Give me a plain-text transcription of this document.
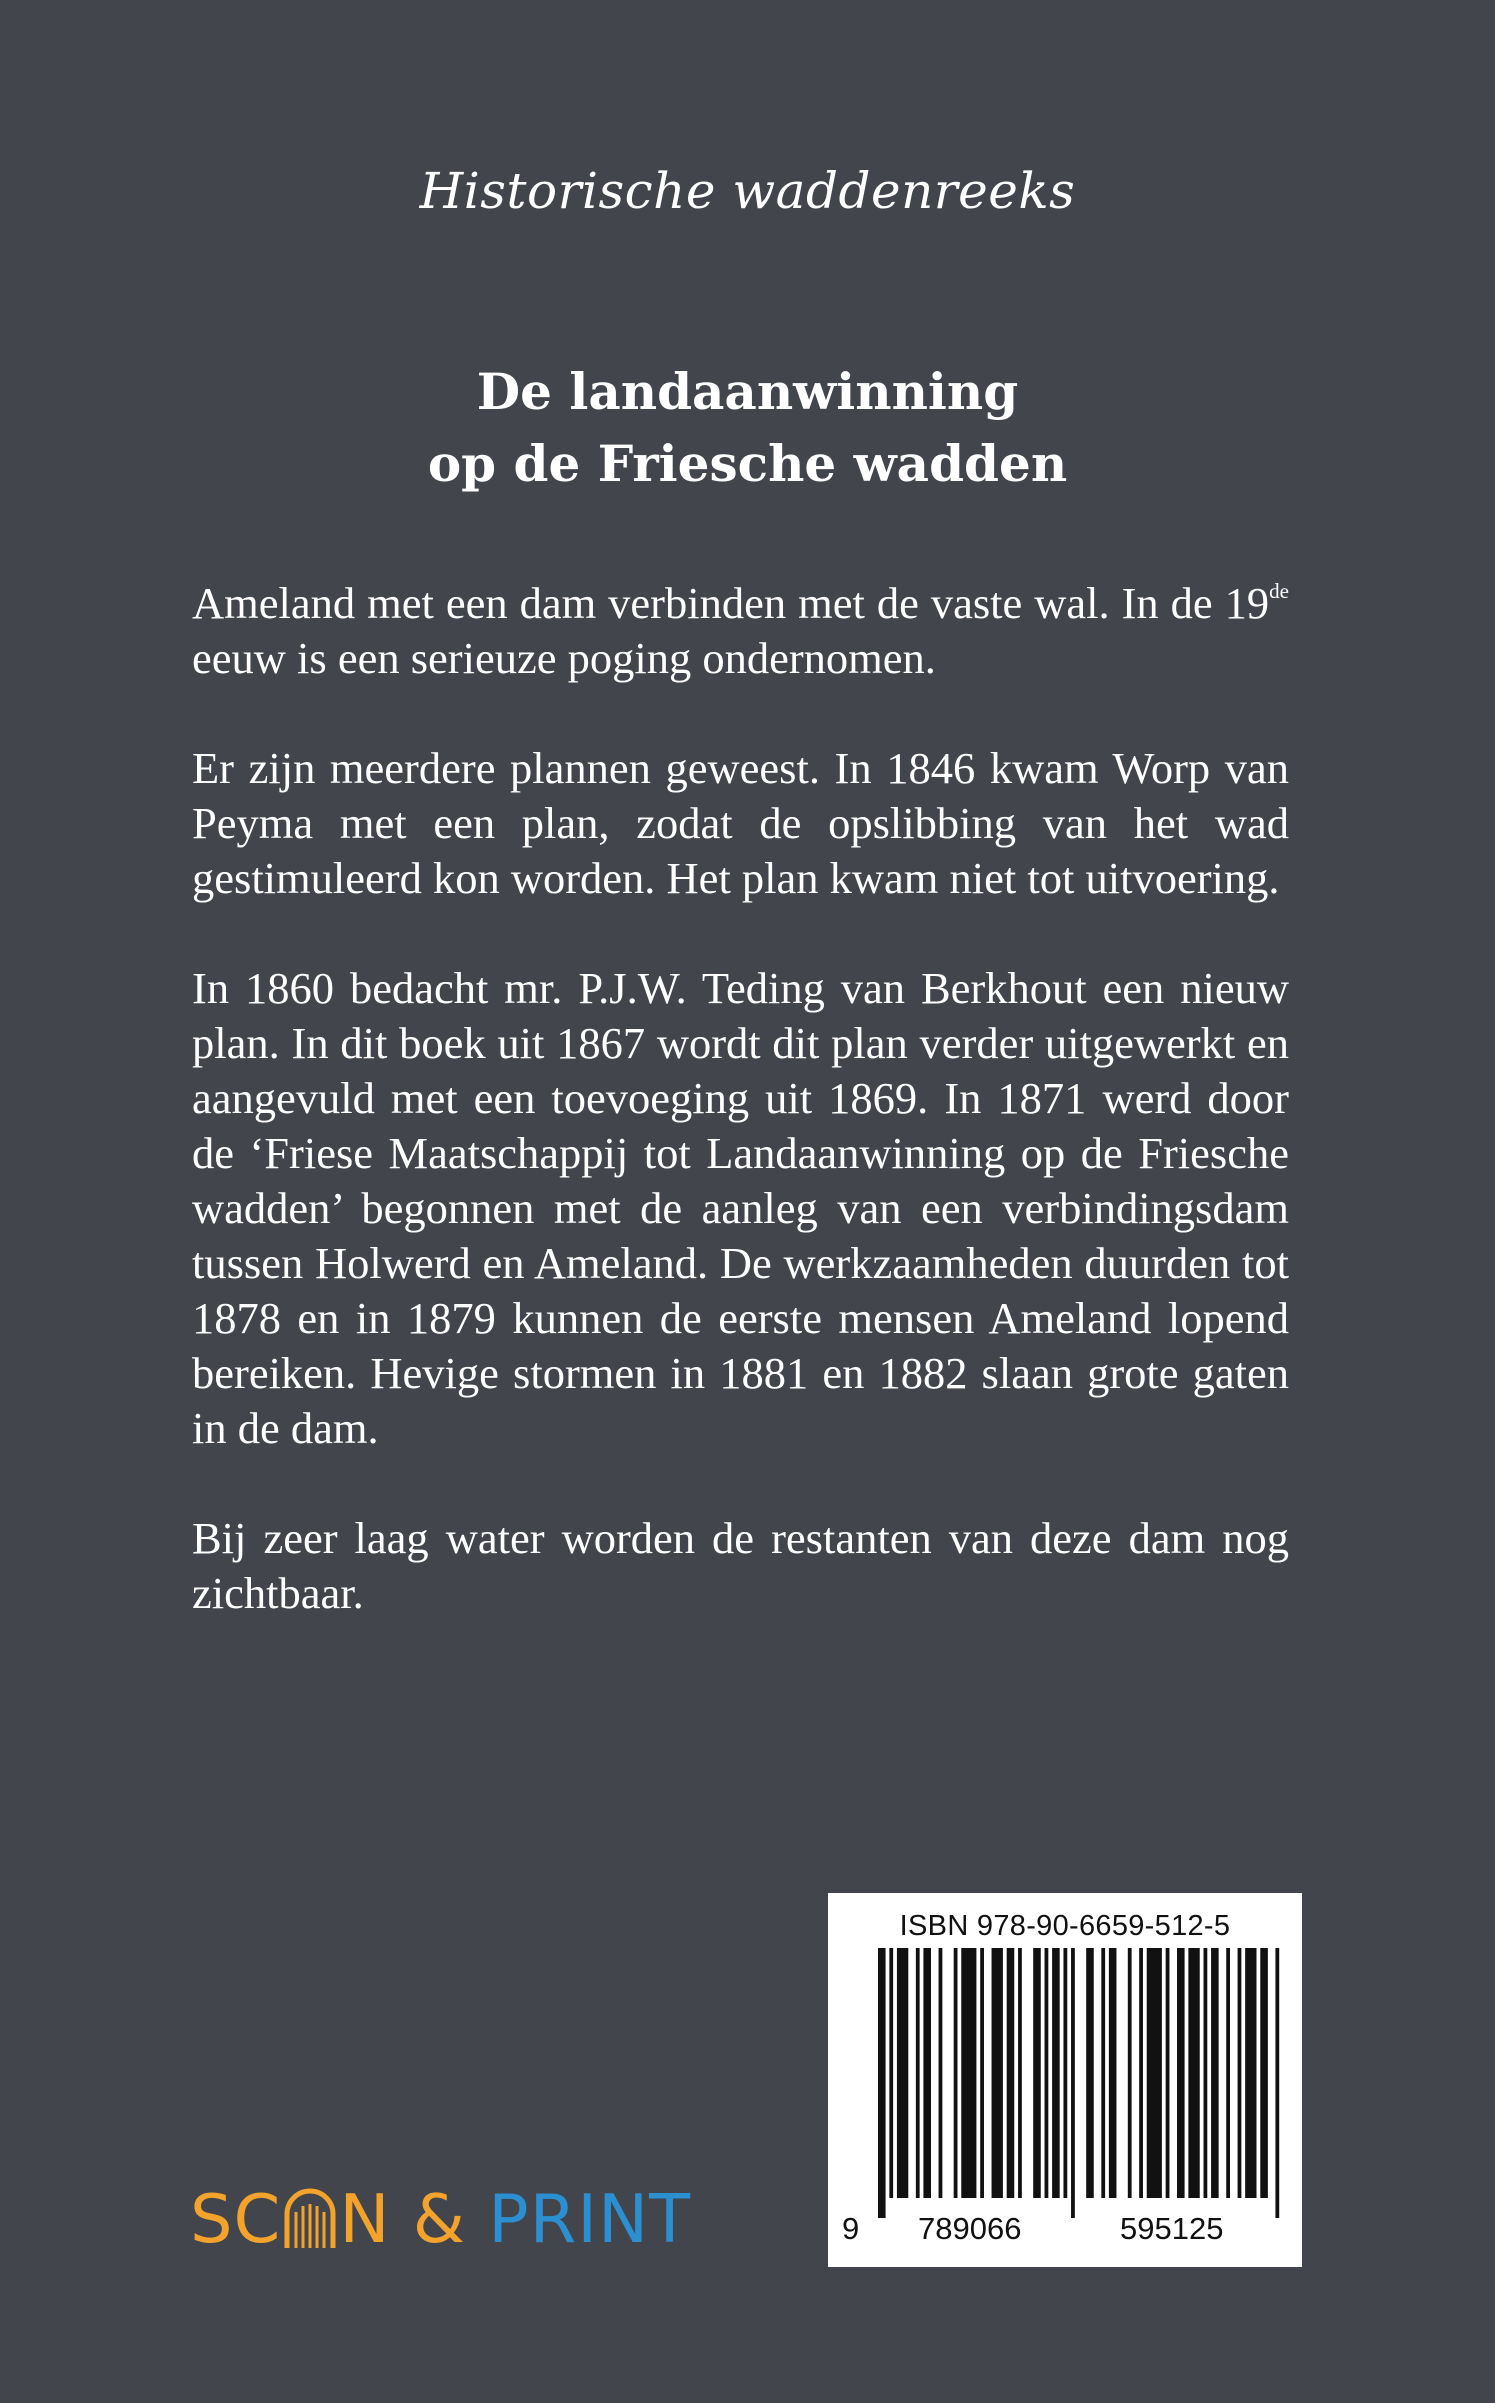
Historische waddenreeks
De landaanwinning
op de Friesche wadden

Ameland met een dam verbinden met de vaste wal. In de 19de eeuw is een serieuze poging ondernomen.

Er zijn meerdere plannen geweest. In 1846 kwam Worp van Peyma met een plan, zodat de opslibbing van het wad gestimuleerd kon worden. Het plan kwam niet tot uitvoering.

In 1860 bedacht mr. P.J.W. Teding van Berkhout een nieuw plan. In dit boek uit 1867 wordt dit plan verder uitgewerkt en aangevuld met een toevoeging uit 1869. In 1871 werd door de ‘Friese Maatschappij tot Landaanwinning op de Friesche wadden’ begonnen met de aanleg van een verbindingsdam tussen Holwerd en Ameland. De werkzaamheden duurden tot 1878 en in 1879 kunnen de eerste mensen Ameland lopend bereiken. Hevige stormen in 1881 en 1882 slaan grote gaten in de dam.

Bij zeer laag water worden de restanten van deze dam nog zichtbaar.

ISBN 978-90-6659-512-5
9 789066	595125
SC N & PRINT
